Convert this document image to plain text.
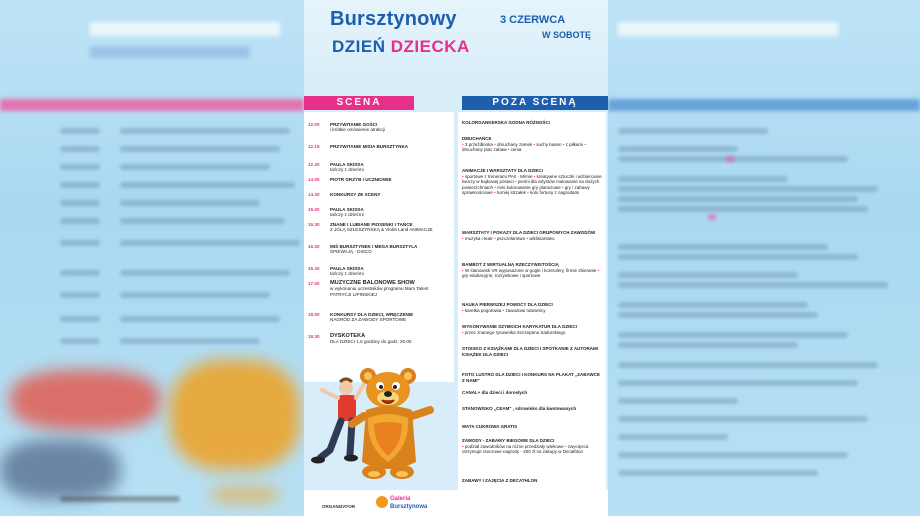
Bursztynowy
DZIEŃ DZIECKA
3 CZERWCA
W SOBOTĘ
SCENA	POZA SCENĄ
12.00	PRZYWITANIE GOŚCI
i krótkie omówienie atrakcji
12.15	PRZYWITANIE MISIA BURSZTYNKA
12.30	PAULA SKISSA
tańczy z dziećmi
14.00	PIOTR GRZYB I UCZNIOWIE
14.30	KONKURSY ZE SCENY
15.00	PAULA SKISSA
tańczy z dziećmi
15.30	ZNANE I LUBIANE PIOSENKI I TAŃCE
Z JOLĄ SZLESZYŃSKĄ & Violet Land ANIMACJE
16.30	MIŚ BURSZTYNEK I MEGA BURSZTYLA
ŚPIEWAJĄ - DISCO
16.30	PAULA SKISSA
tańczy z dziećmi
17.00	MUZYCZNE BALONOWE SHOW
w wykonaniu uczestników programu Mam Talent PATRYCJI LIPIŃSKIEJ
18.00	KONKURSY DLA DZIECI, WRĘCZENIE
NAGRÓD ZA ZAWODY SPORTOWE
18.30	DYSKOTEKA
DLA DZIECI 1,5 godziny do godz. 20.00
KOLORGANKERSKA GODNA RÓŻNOŚCI
DMUCHAŃCE
• 3 przeźdłonka • dmuchany zamek • suchy basen • z piłkami • dmuchany plac zabaw • cenia
ANIMACJE I WARSZTATY DLA DZIECI
• sportowe z trenerami PAII - Mirnie • kreatywne sztuczki i wzbiercanie tworzy w bajkowej postaci • pieśni dla artystów malowanie na dużych powierzchniach • mini kolorowanie gry planszowe • gry i zabawy sprawnościowe • turniej strzałek • kolo fortuny z nagrodami
WARSZTATY I POKAZY DLA DZIECI GRUPOWYCH ZAWODÓW
• muzyka i teatr • pszczelarstwo • wikliniarstwo
BAMBOT Z WIRTUALNĄ RZECZYWISTOŚCIĄ
• W stanowisk VR wyposażone w gogle i kontrolery, firmie zbieranie • gry edukacyjne, rozrywkowe i sportowe
NAUKA PIERWSZEJ POMOCY DLA DZIECI
• karetka pogotowia • zawodowi ratownicy
WYKONYWANIE SZYBKICH KARYKATUR DLA DZIECI
• przez znanego rysownika Szczepana Sadurskiego
STOISKO Z KSIĄŻKAMI DLA DZIECI I SPOTKANIE Z AUTORAMI KSIĄŻEK DLA DZIECI
FOTO LUSTRO DLA DZIECI I KONKURS NA PLAKAT „ZABAWCE Z NAMI"
CANAL+ dla dzieci i dorosłych
STANOWISKO „CEAM" , sdrowisko dla kwotowanych
WATA CUKROWA GRATIS
ZAWODY - ZABAWY BIEGOWE DLA DZIECI
• podział zawodników na różne przedziały wiekowe • zwycięzca otrzymuje rzeczowe nagrody - 200 zł na zakupy w Decathlon
ZABAWY I ZAJĘCIA Z DECATHLON
ORGANIZATOR
Galeria
Bursztynowa
